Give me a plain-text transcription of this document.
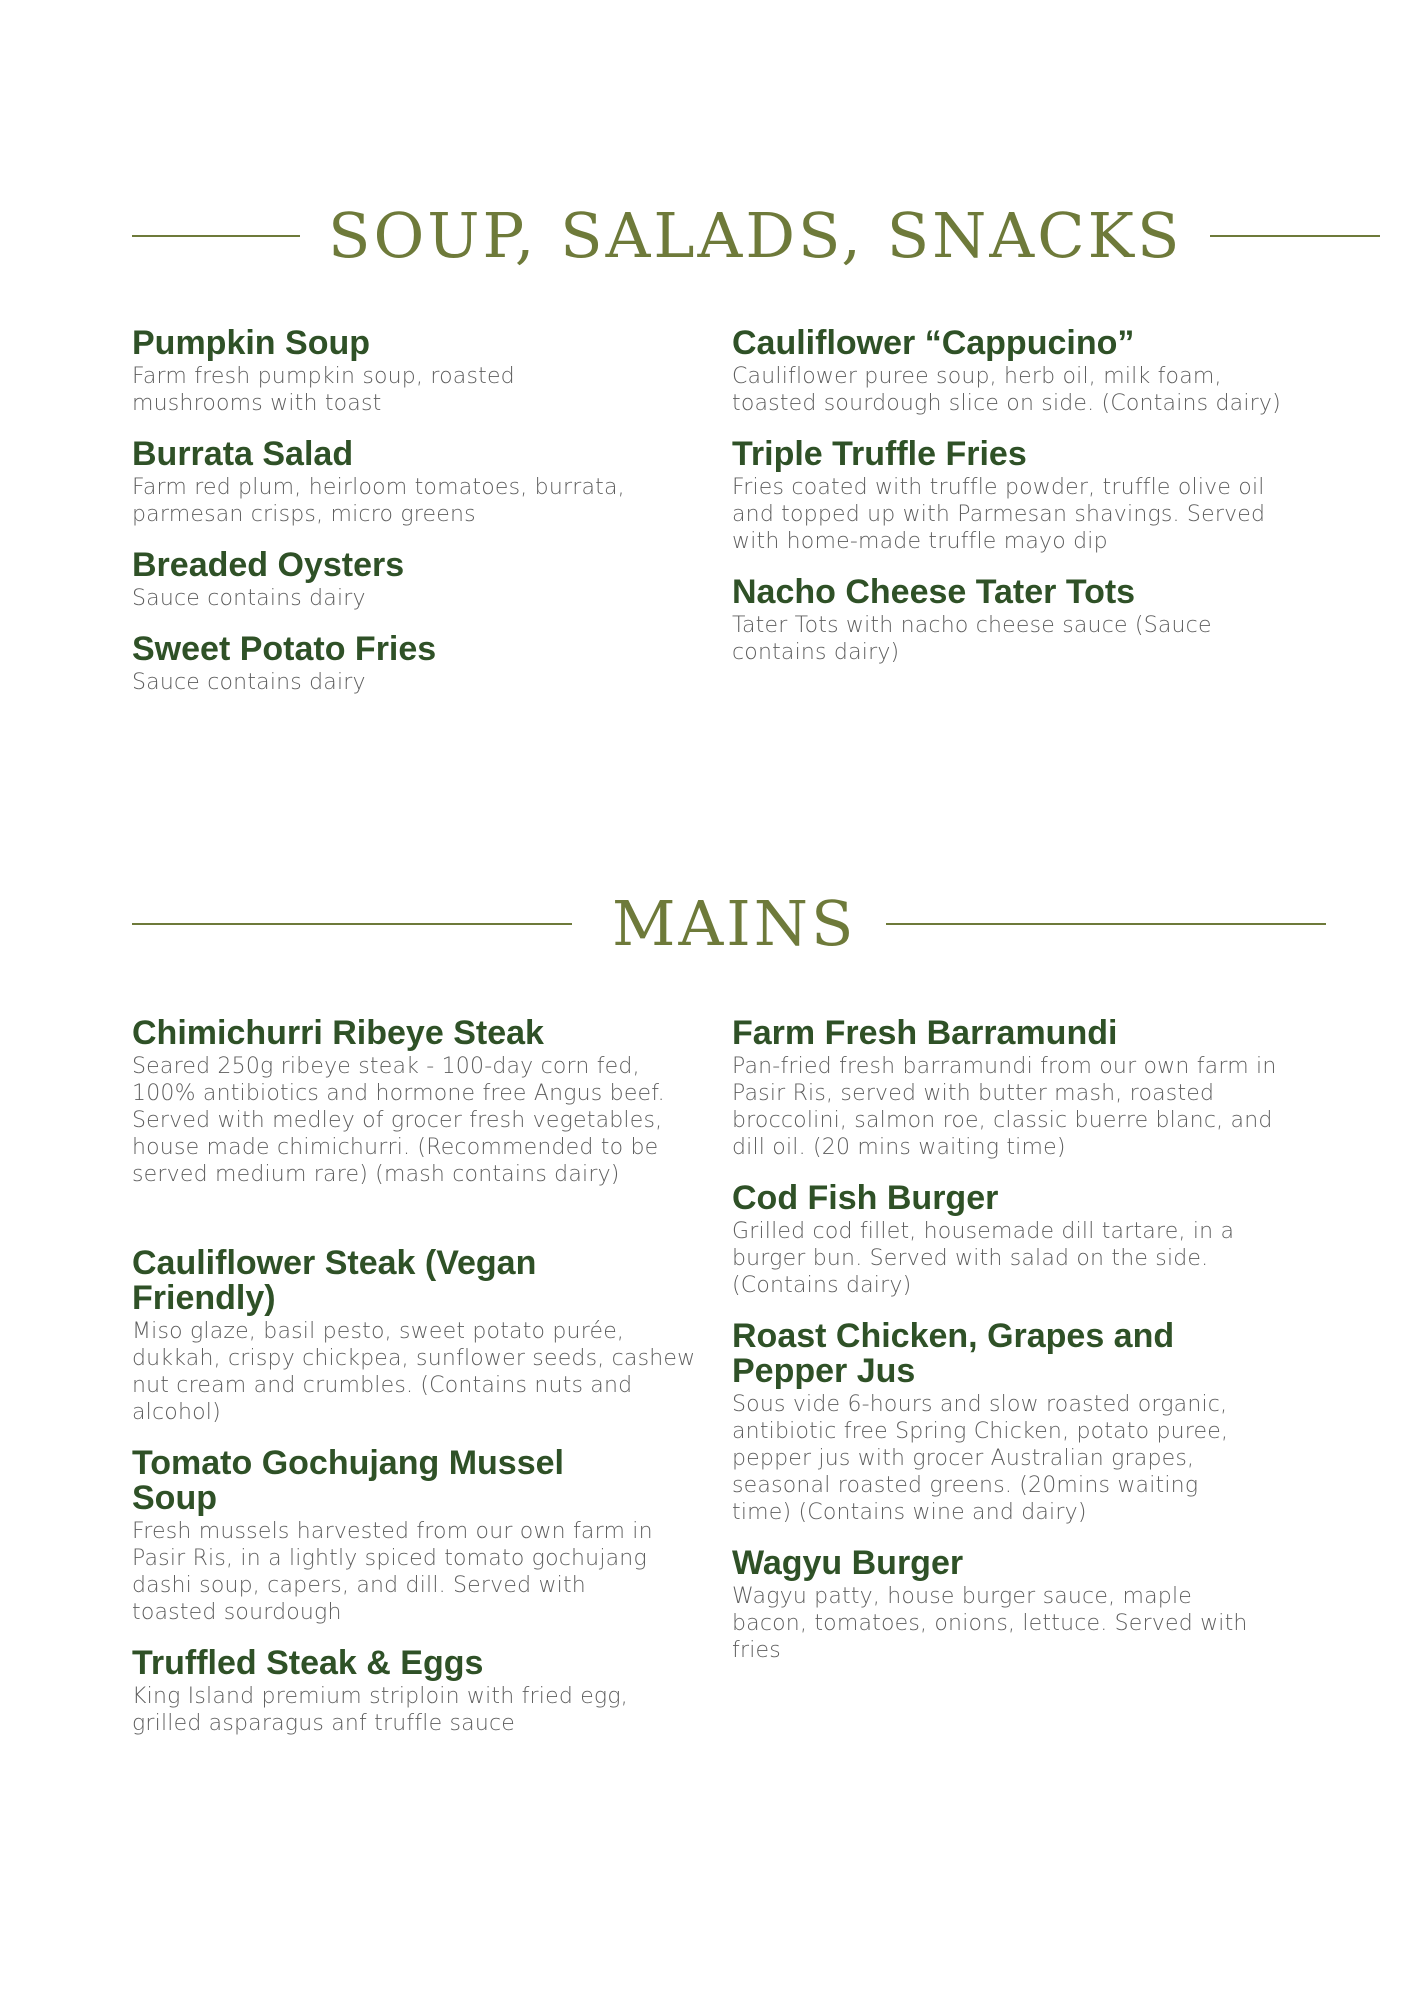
SOUP, SALADS, SNACKS
Pumpkin Soup
Farm fresh pumpkin soup, roasted mushrooms with toast
Burrata Salad
Farm red plum, heirloom tomatoes, burrata, parmesan crisps, micro greens
Breaded Oysters
Sauce contains dairy
Sweet Potato Fries
Sauce contains dairy
Cauliflower “Cappucino”
Cauliflower puree soup, herb oil, milk foam, toasted sourdough slice on side. (Contains dairy)
Triple Truffle Fries
Fries coated with truffle powder, truffle olive oil and topped up with Parmesan shavings. Served with home-made truffle mayo dip
Nacho Cheese Tater Tots
Tater Tots with nacho cheese sauce (Sauce contains dairy)
MAINS
Chimichurri Ribeye Steak
Seared 250g ribeye steak - 100-day corn fed, 100% antibiotics and hormone free Angus beef. Served with medley of grocer fresh vegetables, house made chimichurri. (Recommended to be served medium rare) (mash contains dairy)
Cauliflower Steak (Vegan Friendly)
Miso glaze, basil pesto, sweet potato purée, dukkah, crispy chickpea, sunflower seeds, cashew nut cream and crumbles. (Contains nuts and alcohol)
Tomato Gochujang Mussel Soup
Fresh mussels harvested from our own farm in Pasir Ris, in a lightly spiced tomato gochujang dashi soup, capers, and dill. Served with toasted sourdough
Truffled Steak & Eggs
King Island premium striploin with fried egg, grilled asparagus anf truffle sauce
Farm Fresh Barramundi
Pan-fried fresh barramundi from our own farm in Pasir Ris, served with butter mash, roasted broccolini, salmon roe, classic buerre blanc, and dill oil. (20 mins waiting time)
Cod Fish Burger
Grilled cod fillet, housemade dill tartare, in a burger bun. Served with salad on the side. (Contains dairy)
Roast Chicken, Grapes and Pepper Jus
Sous vide 6-hours and slow roasted organic, antibiotic free Spring Chicken, potato puree, pepper jus with grocer Australian grapes, seasonal roasted greens. (20mins waiting time) (Contains wine and dairy)
Wagyu Burger
Wagyu patty, house burger sauce, maple bacon, tomatoes, onions, lettuce. Served with fries
